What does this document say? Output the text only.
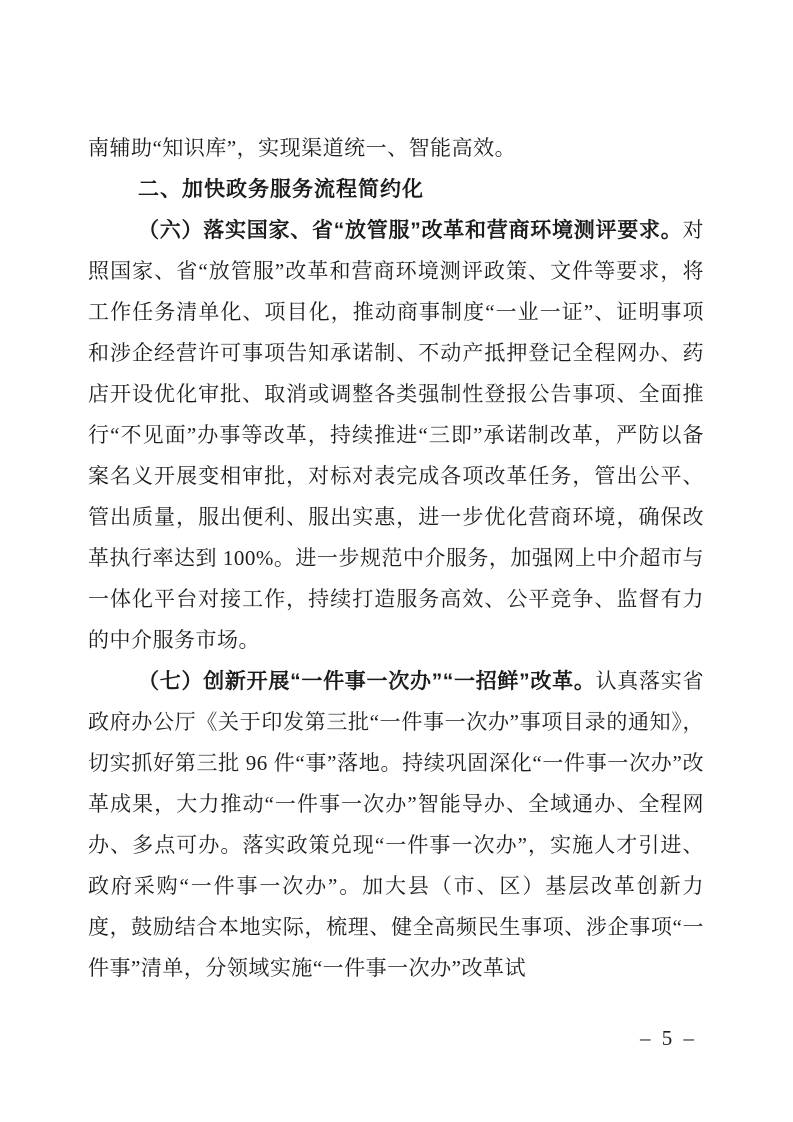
南辅助“知识库”，实现渠道统一、智能高效。

二、加快政务服务流程简约化

（六）落实国家、省“放管服”改革和营商环境测评要求。对照国家、省“放管服”改革和营商环境测评政策、文件等要求，将工作任务清单化、项目化，推动商事制度“一业一证”、证明事项和涉企经营许可事项告知承诺制、不动产抵押登记全程网办、药店开设优化审批、取消或调整各类强制性登报公告事项、全面推行“不见面”办事等改革，持续推进“三即”承诺制改革，严防以备案名义开展变相审批，对标对表完成各项改革任务，管出公平、管出质量，服出便利、服出实惠，进一步优化营商环境，确保改革执行率达到 100%。进一步规范中介服务，加强网上中介超市与一体化平台对接工作，持续打造服务高效、公平竞争、监督有力的中介服务市场。

（七）创新开展“一件事一次办”“一招鲜”改革。认真落实省政府办公厅《关于印发第三批“一件事一次办”事项目录的通知》，切实抓好第三批 96 件“事”落地。持续巩固深化“一件事一次办”改革成果，大力推动“一件事一次办”智能导办、全域通办、全程网办、多点可办。落实政策兑现“一件事一次办”，实施人才引进、政府采购“一件事一次办”。加大县（市、区）基层改革创新力度，鼓励结合本地实际，梳理、健全高频民生事项、涉企事项“一件事”清单，分领域实施“一件事一次办”改革试

– 5 –
